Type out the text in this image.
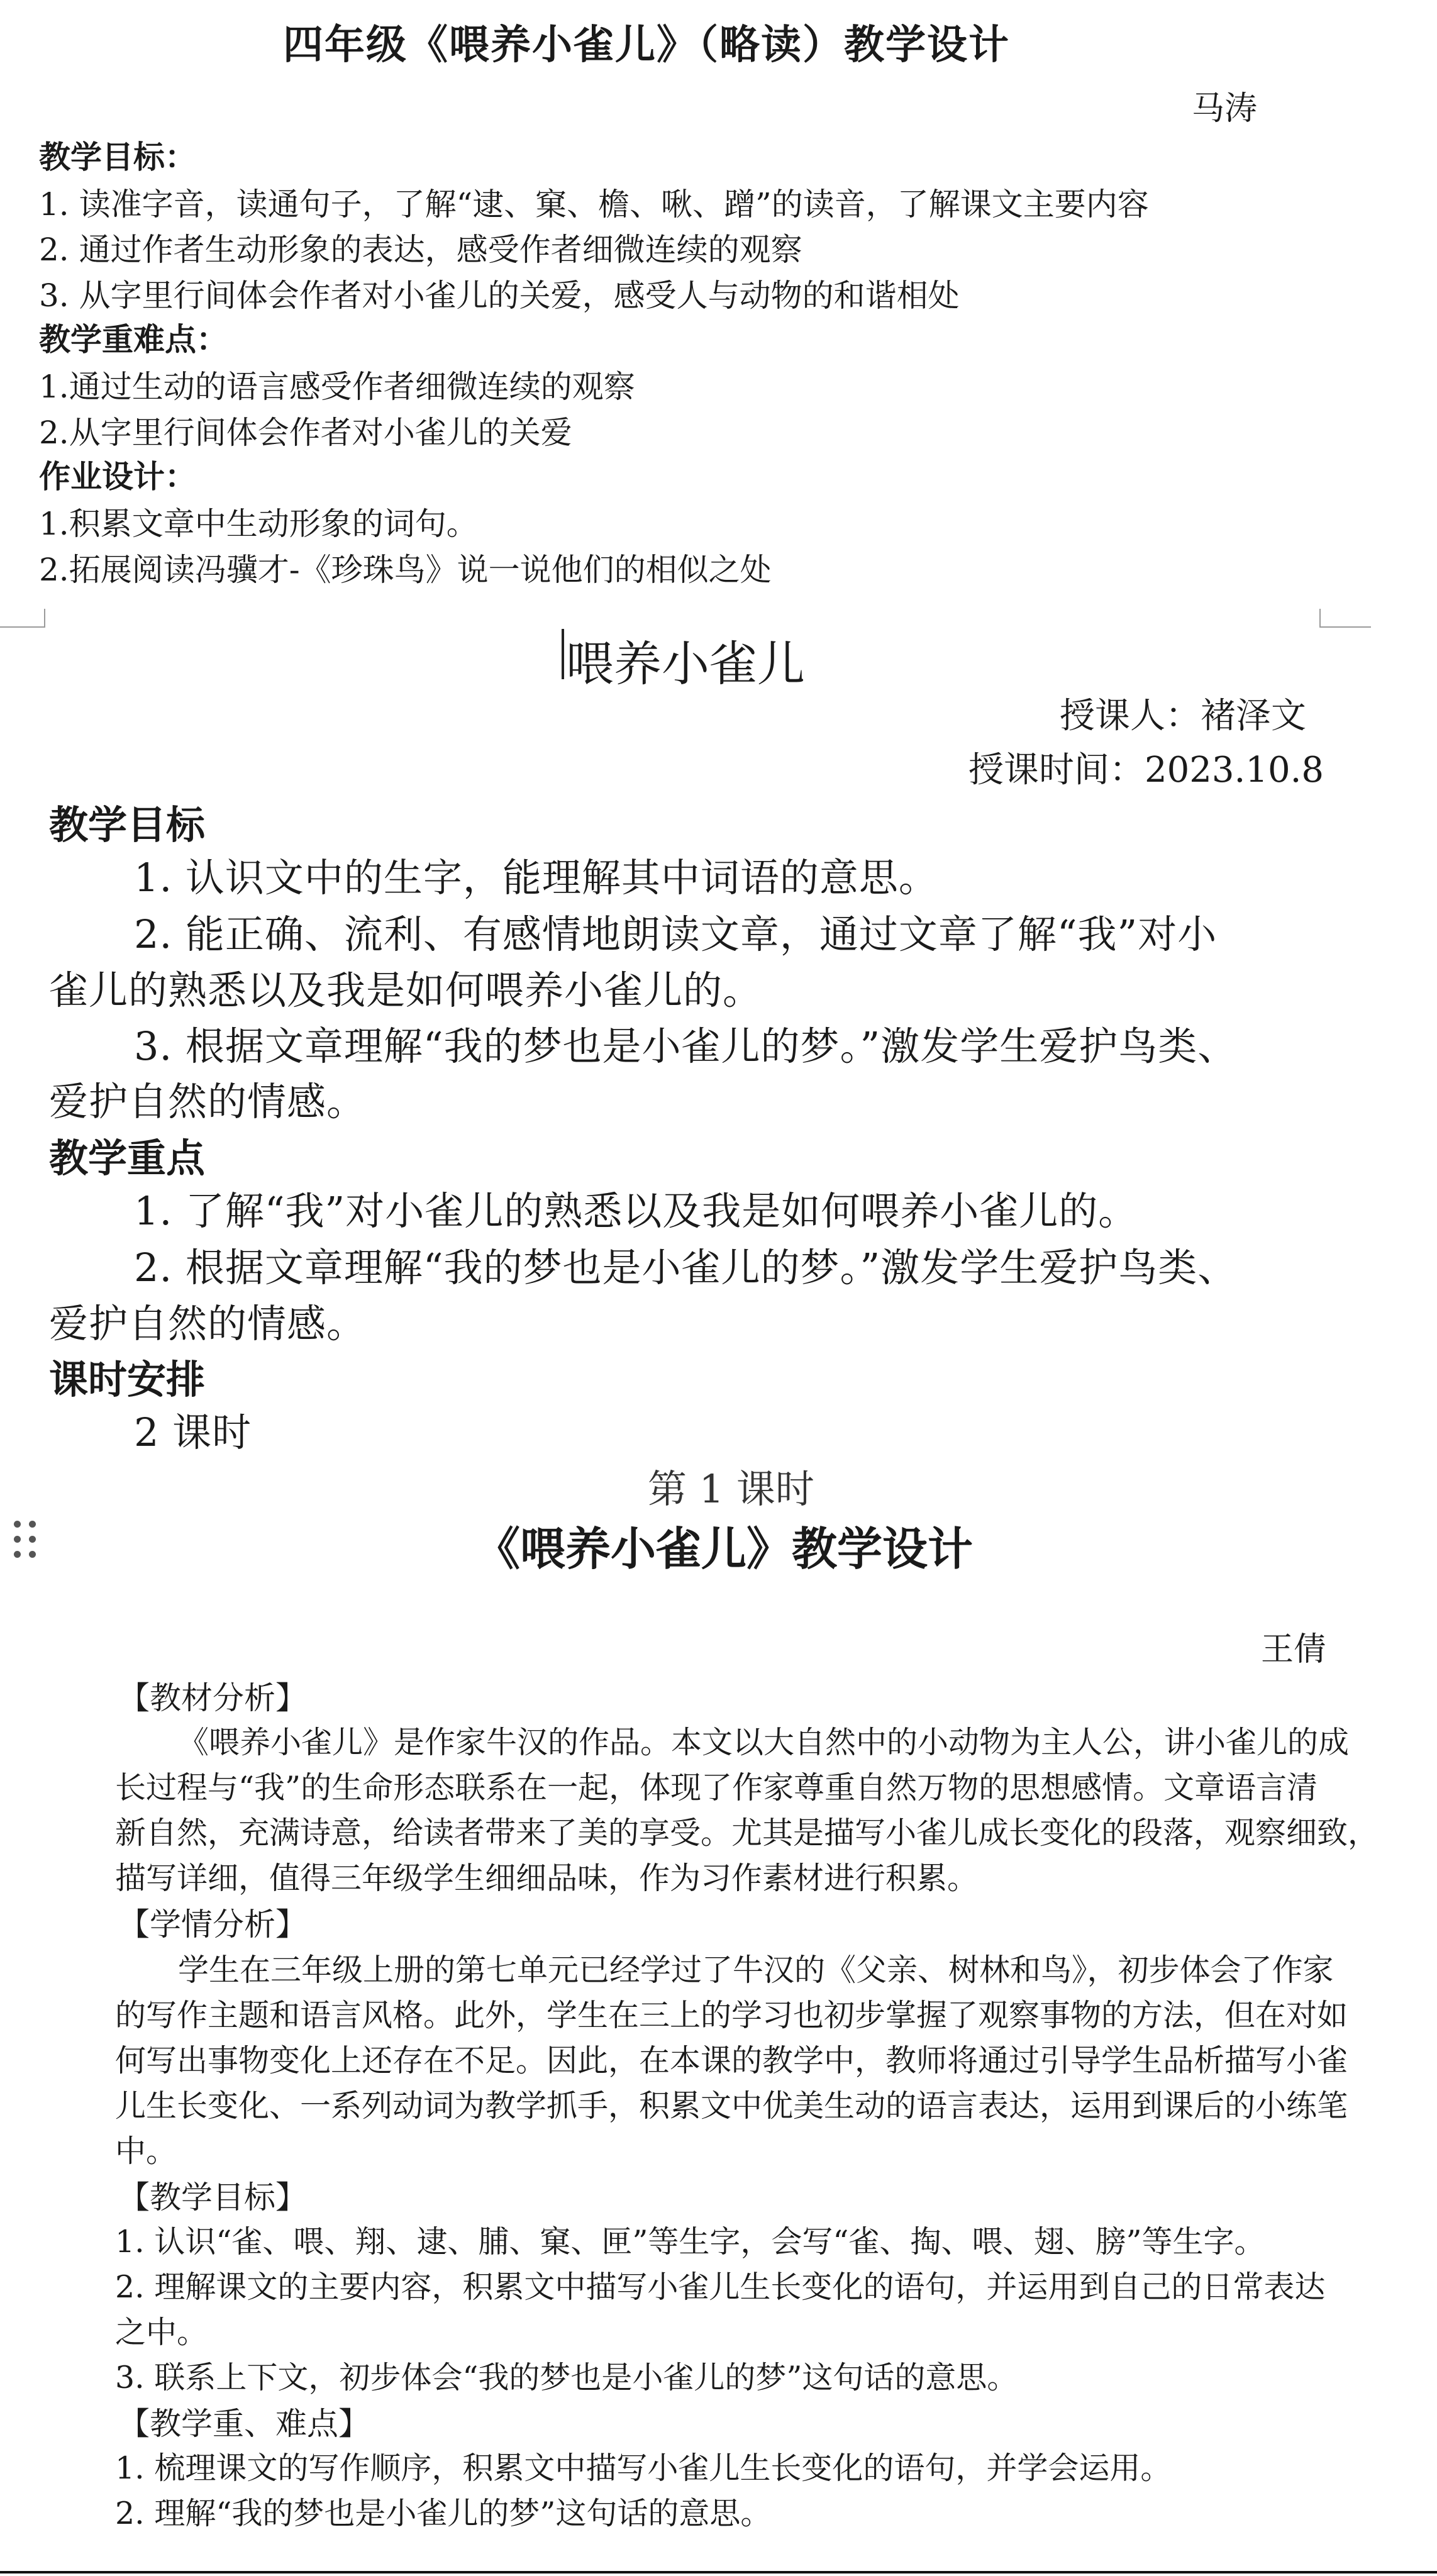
四年级《喂养小雀儿》（略读）教学设计
马涛
教学目标：
1. 读准字音，读通句子，了解“逮、窠、檐、啾、蹭”的读音，了解课文主要内容
2. 通过作者生动形象的表达，感受作者细微连续的观察
3. 从字里行间体会作者对小雀儿的关爱，感受人与动物的和谐相处
教学重难点：
1.通过生动的语言感受作者细微连续的观察
2.从字里行间体会作者对小雀儿的关爱
作业设计：
1.积累文章中生动形象的词句。
2.拓展阅读冯骥才-《珍珠鸟》说一说他们的相似之处
喂养小雀儿
授课人：褚泽文
授课时间：2023.10.8
教学目标
1. 认识文中的生字，能理解其中词语的意思。
2. 能正确、流利、有感情地朗读文章，通过文章了解“我”对小
雀儿的熟悉以及我是如何喂养小雀儿的。
3. 根据文章理解“我的梦也是小雀儿的梦。”激发学生爱护鸟类、
爱护自然的情感。
教学重点
1. 了解“我”对小雀儿的熟悉以及我是如何喂养小雀儿的。
2. 根据文章理解“我的梦也是小雀儿的梦。”激发学生爱护鸟类、
爱护自然的情感。
课时安排
2 课时
第 1 课时
《喂养小雀儿》教学设计
王倩
【教材分析】
《喂养小雀儿》是作家牛汉的作品。本文以大自然中的小动物为主人公，讲小雀儿的成
长过程与“我”的生命形态联系在一起，体现了作家尊重自然万物的思想感情。文章语言清
新自然，充满诗意，给读者带来了美的享受。尤其是描写小雀儿成长变化的段落，观察细致，
描写详细，值得三年级学生细细品味，作为习作素材进行积累。
【学情分析】
学生在三年级上册的第七单元已经学过了牛汉的《父亲、树林和鸟》，初步体会了作家
的写作主题和语言风格。此外，学生在三上的学习也初步掌握了观察事物的方法，但在对如
何写出事物变化上还存在不足。因此，在本课的教学中，教师将通过引导学生品析描写小雀
儿生长变化、一系列动词为教学抓手，积累文中优美生动的语言表达，运用到课后的小练笔
中。
【教学目标】
1. 认识“雀、喂、翔、逮、脯、窠、匣”等生字，会写“雀、掏、喂、翅、膀”等生字。
2. 理解课文的主要内容，积累文中描写小雀儿生长变化的语句，并运用到自己的日常表达
之中。
3. 联系上下文，初步体会“我的梦也是小雀儿的梦”这句话的意思。
【教学重、难点】
1. 梳理课文的写作顺序，积累文中描写小雀儿生长变化的语句，并学会运用。
2. 理解“我的梦也是小雀儿的梦”这句话的意思。
